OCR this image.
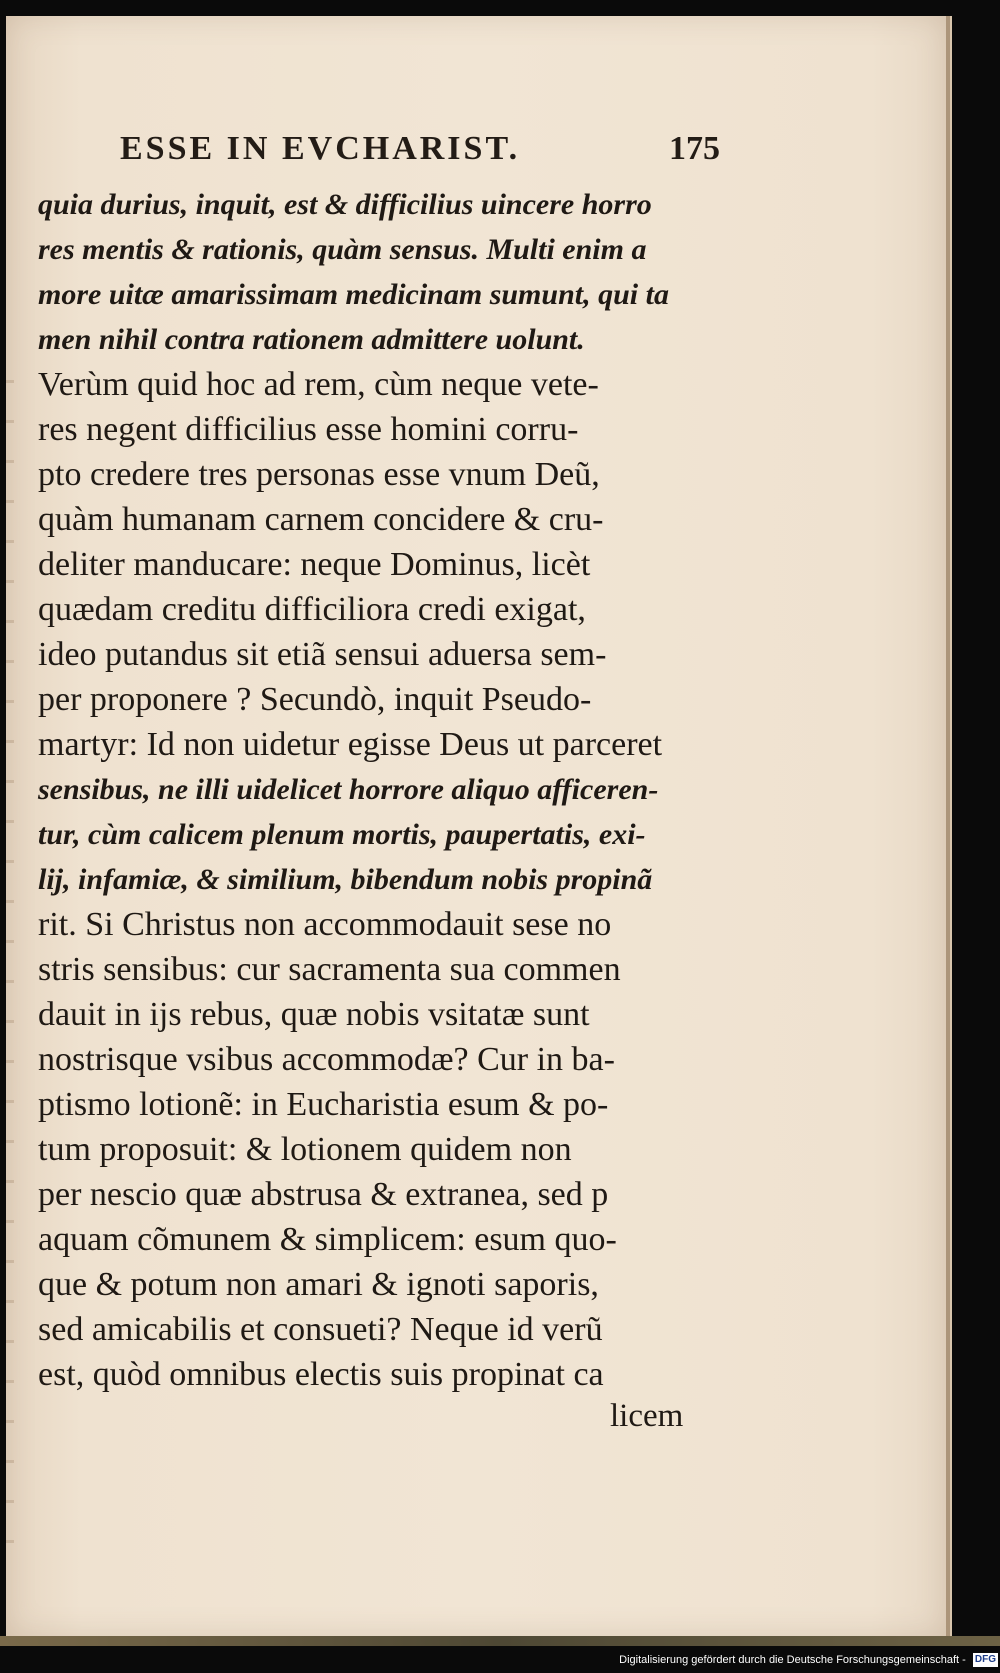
ESSE IN EVCHARIST.	175
quia durius, inquit, est & difficilius uincere horro
res mentis & rationis, quàm sensus. Multi enim a
more uitæ amarissimam medicinam sumunt, qui ta
men nihil contra rationem admittere uolunt.
Verùm quid hoc ad rem, cùm neque vete-
res negent difficilius esse homini corru-
pto credere tres personas esse vnum Deũ,
quàm humanam carnem concidere & cru-
deliter manducare: neque Dominus, licèt
quædam creditu difficiliora credi exigat,
ideo putandus sit etiã sensui aduersa sem-
per proponere ? Secundò, inquit Pseudo-
martyr: Id non uidetur egisse Deus ut parceret
sensibus, ne illi uidelicet horrore aliquo afficeren-
tur, cùm calicem plenum mortis, paupertatis, exi-
lij, infamiæ, & similium, bibendum nobis propinã
rit. Si Christus non accommodauit sese no
stris sensibus: cur sacramenta sua commen
dauit in ijs rebus, quæ nobis vsitatæ sunt
nostrisque vsibus accommodæ? Cur in ba-
ptismo lotionẽ: in Eucharistia esum & po-
tum proposuit: & lotionem quidem non
per nescio quæ abstrusa & extranea, sed p
aquam cõmunem & simplicem: esum quo-
que & potum non amari & ignoti saporis,
sed amicabilis et consueti? Neque id verũ
est, quòd omnibus electis suis propinat ca
licem
Digitalisierung gefördert durch die Deutsche Forschungsgemeinschaft - DFG
